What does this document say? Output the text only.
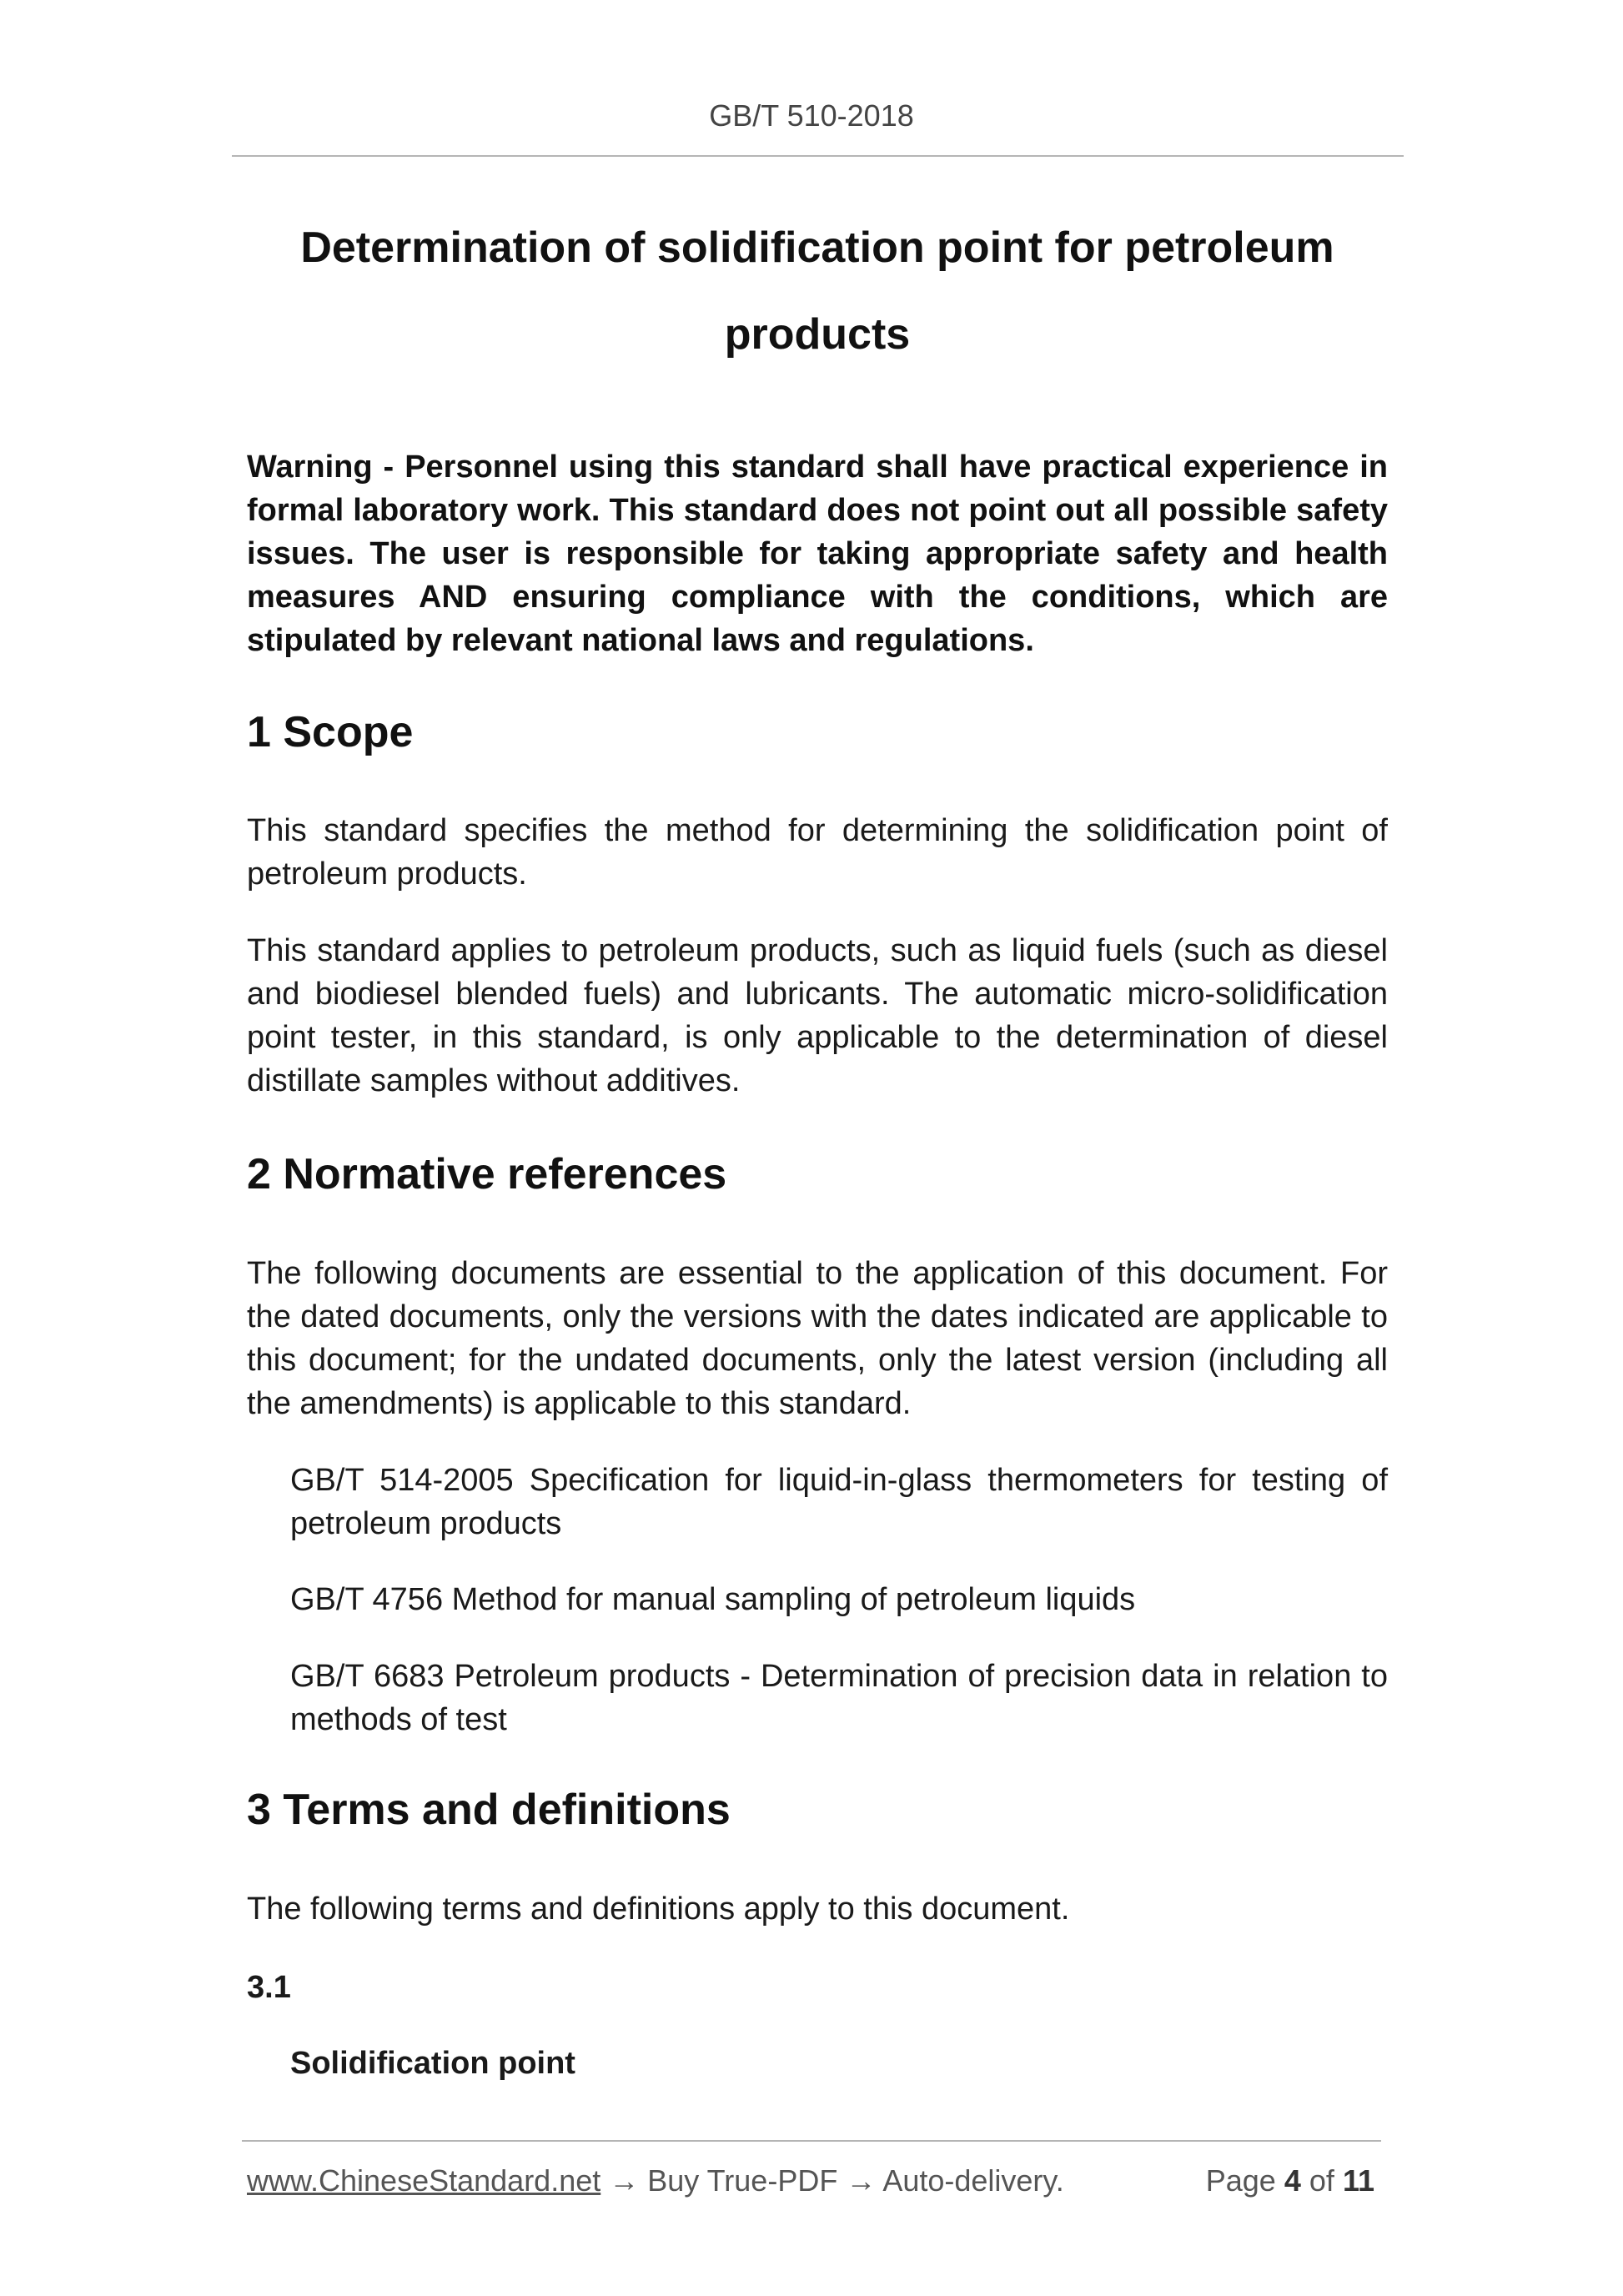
GB/T 510-2018
Determination of solidification point for petroleum
products

Warning - Personnel using this standard shall have practical experience in formal laboratory work. This standard does not point out all possible safety issues. The user is responsible for taking appropriate safety and health measures AND ensuring compliance with the conditions, which are stipulated by relevant national laws and regulations.

1 Scope

This standard specifies the method for determining the solidification point of petroleum products.

This standard applies to petroleum products, such as liquid fuels (such as diesel and biodiesel blended fuels) and lubricants. The automatic micro-solidification point tester, in this standard, is only applicable to the determination of diesel distillate samples without additives.

2 Normative references

The following documents are essential to the application of this document. For the dated documents, only the versions with the dates indicated are applicable to this document; for the undated documents, only the latest version (including all the amendments) is applicable to this standard.

GB/T 514-2005 Specification for liquid-in-glass thermometers for testing of petroleum products

GB/T 4756 Method for manual sampling of petroleum liquids

GB/T 6683 Petroleum products - Determination of precision data in relation to methods of test

3 Terms and definitions

The following terms and definitions apply to this document.

3.1

Solidification point

www.ChineseStandard.net → Buy True-PDF → Auto-delivery.	Page 4 of 11
